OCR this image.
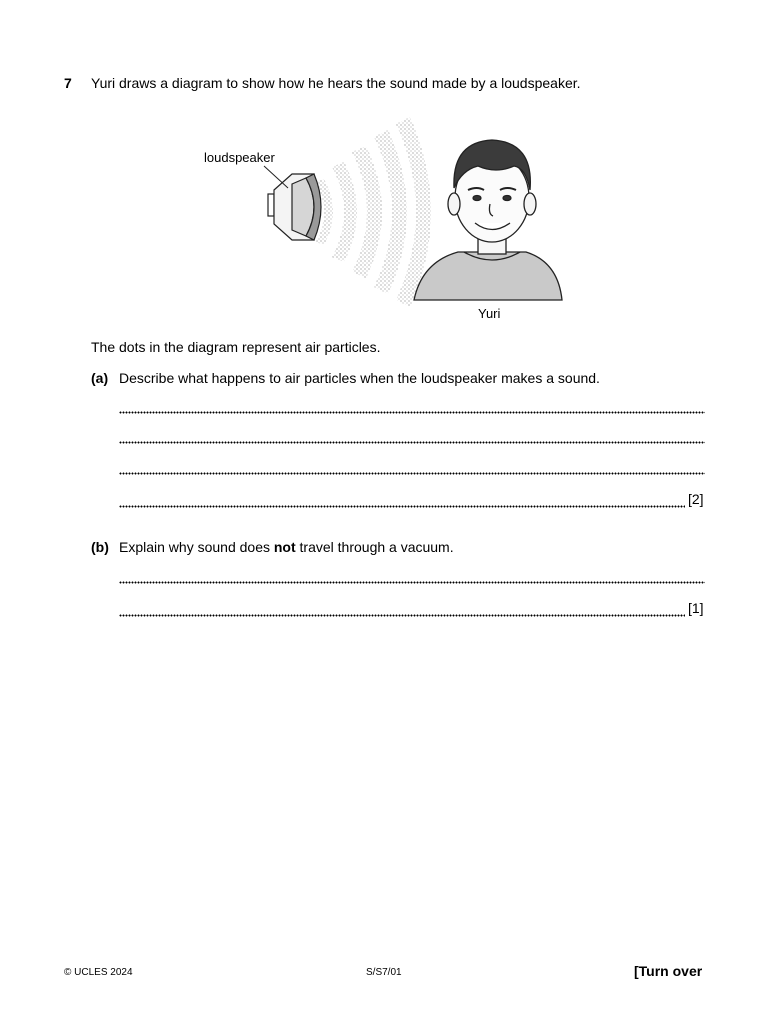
7 Yuri draws a diagram to show how he hears the sound made by a loudspeaker.
loudspeaker
Yuri
The dots in the diagram represent air particles.
(a) Describe what happens to air particles when the loudspeaker makes a sound.
[2]
(b) Explain why sound does not travel through a vacuum.
[1]
© UCLES 2024	S/S7/01	[Turn over
